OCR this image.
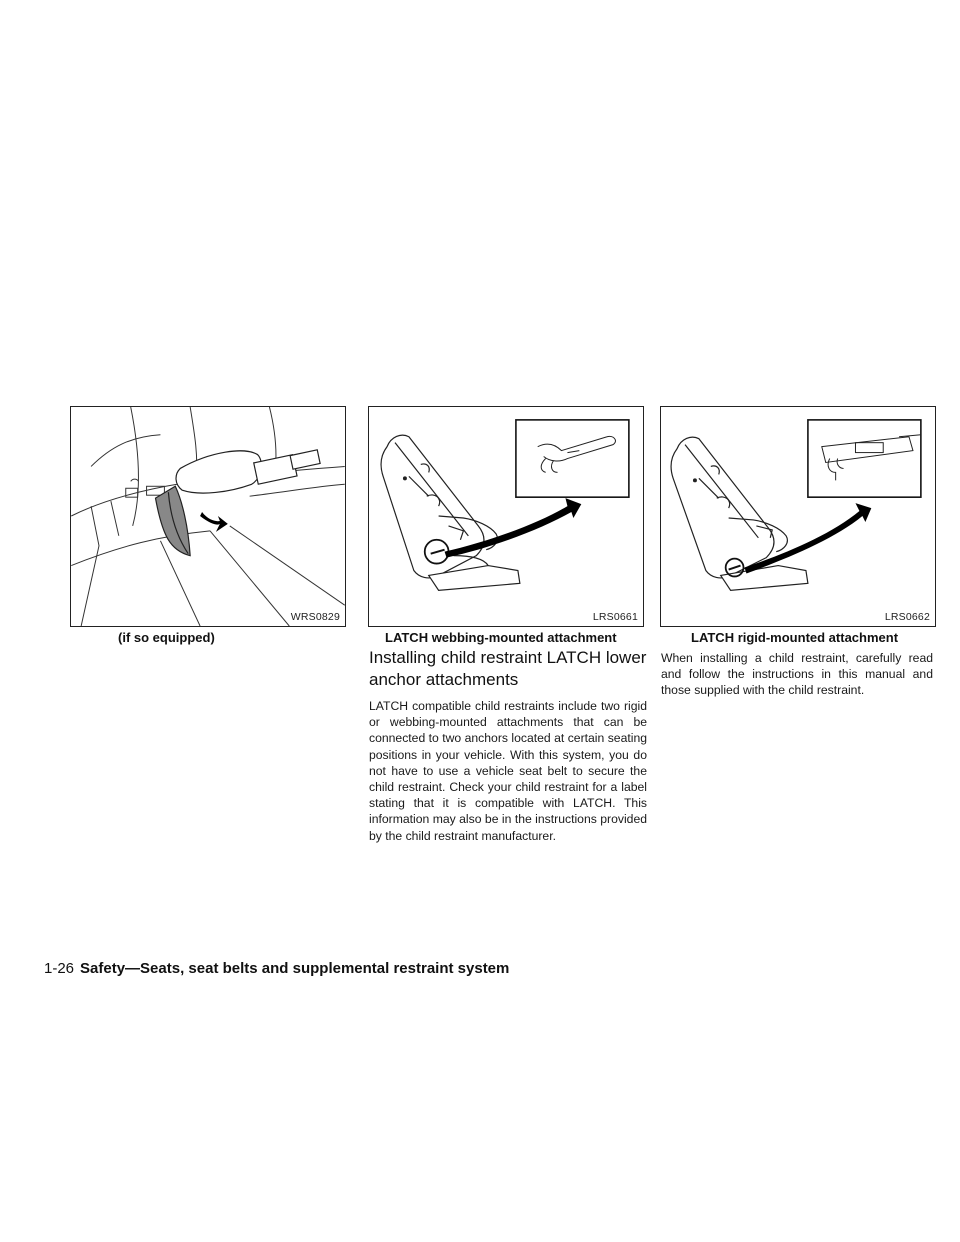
WRS0829	LRS0661	LRS0662
(if so equipped)	LATCH webbing-mounted attachment	LATCH rigid-mounted attachment
Installing child restraint LATCH lower anchor attachments

LATCH compatible child restraints include two rigid or webbing-mounted attachments that can be connected to two anchors located at certain seating positions in your vehicle. With this system, you do not have to use a vehicle seat belt to secure the child restraint. Check your child restraint for a label stating that it is compatible with LATCH. This information may also be in the instructions provided by the child restraint manufacturer.

When installing a child restraint, carefully read and follow the instructions in this manual and those supplied with the child restraint.

1-26 Safety—Seats, seat belts and supplemental restraint system
